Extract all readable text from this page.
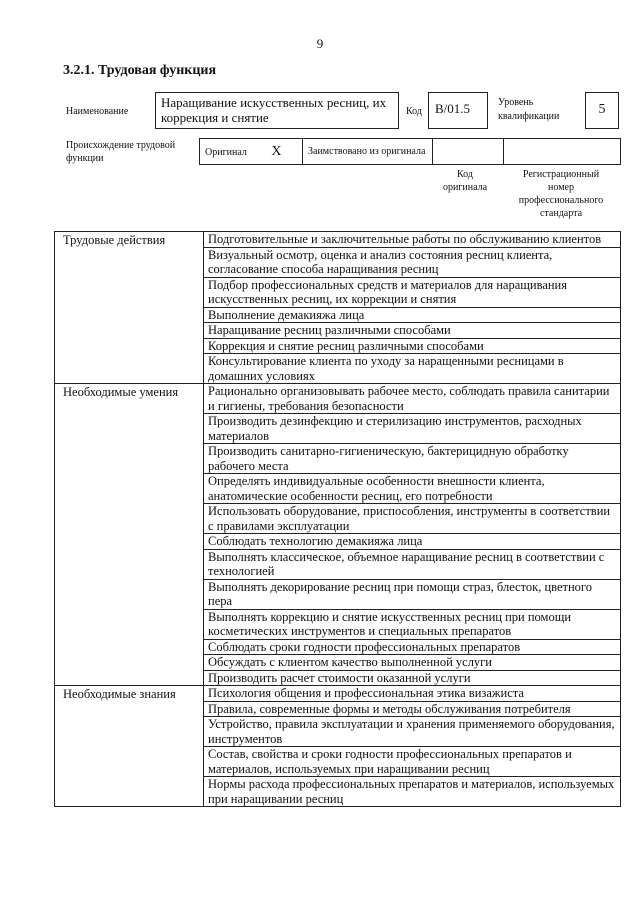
9
3.2.1. Трудовая функция
Наименование
Наращивание искусственных ресниц, их коррекция и снятие	Код	B/01.5	Уровень квалификации	5
Происхождение трудовой функции
Оригинал X	Заимствовано из оригинала		
Код оригинала
Регистрационный номер профессионального стандарта
Трудовые действия	Подготовительные и заключительные работы по обслуживанию клиентов
	Визуальный осмотр, оценка и анализ состояния ресниц клиента, согласование способа наращивания ресниц
	Подбор профессиональных средств и материалов для наращивания искусственных ресниц, их коррекции и снятия
	Выполнение демакияжа лица
	Наращивание ресниц различными способами
	Коррекция и снятие ресниц различными способами
	Консультирование клиента по уходу за наращенными ресницами в домашних условиях
Необходимые умения	Рационально организовывать рабочее место, соблюдать правила санитарии и гигиены, требования безопасности
	Производить дезинфекцию и стерилизацию инструментов, расходных материалов
	Производить санитарно-гигиеническую, бактерицидную обработку рабочего места
	Определять индивидуальные особенности внешности клиента, анатомические особенности ресниц, его потребности
	Использовать оборудование, приспособления, инструменты в соответствии с правилами эксплуатации
	Соблюдать технологию демакияжа лица
	Выполнять классическое, объемное наращивание ресниц в соответствии с технологией
	Выполнять декорирование ресниц при помощи страз, блесток, цветного пера
	Выполнять коррекцию и снятие искусственных ресниц при помощи косметических инструментов и специальных препаратов
	Соблюдать сроки годности профессиональных препаратов
	Обсуждать с клиентом качество выполненной услуги
	Производить расчет стоимости оказанной услуги
Необходимые знания	Психология общения и профессиональная этика визажиста
	Правила, современные формы и методы обслуживания потребителя
	Устройство, правила эксплуатации и хранения применяемого оборудования, инструментов
	Состав, свойства и сроки годности профессиональных препаратов и материалов, используемых при наращивании ресниц
	Нормы расхода профессиональных препаратов и материалов, используемых при наращивании ресниц
